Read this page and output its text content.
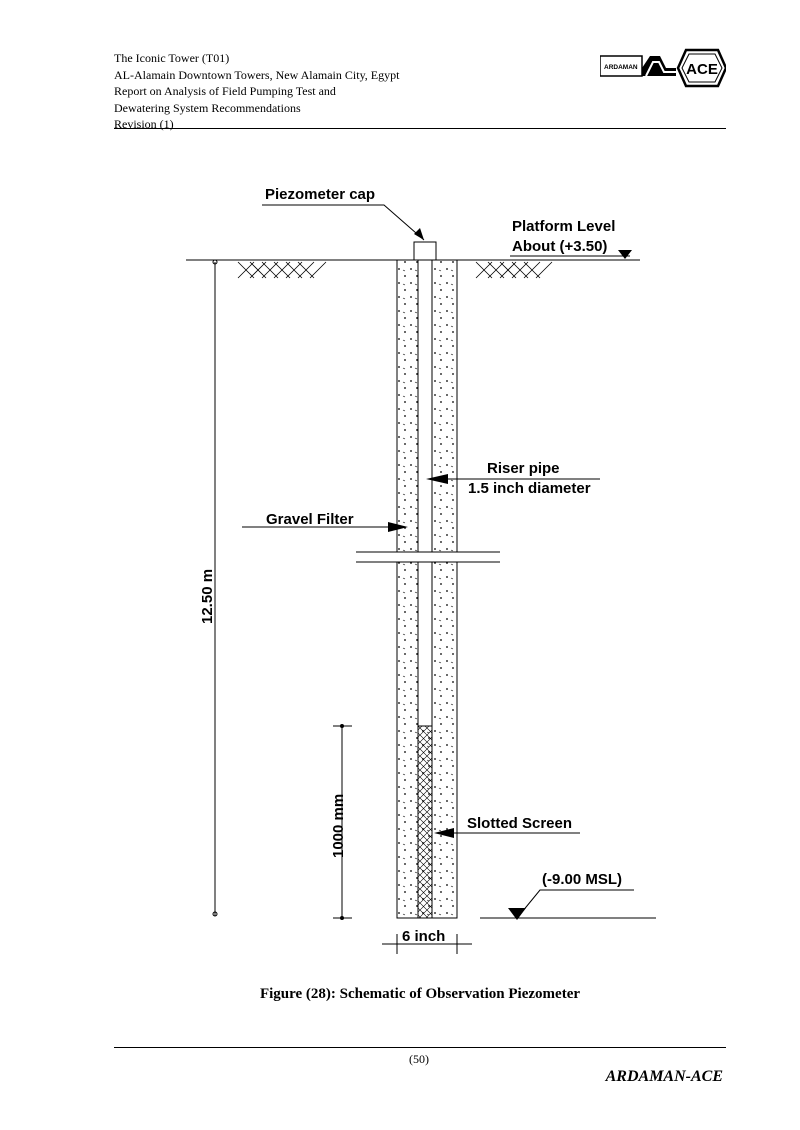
The Iconic Tower (T01)
AL-Alamain Downtown Towers, New Alamain City, Egypt
Report on Analysis of Field Pumping Test and
Dewatering System Recommendations
Revision (1)
ARDAMAN	ACE
Piezometer cap
Platform Level
About (+3.50)
12.50 m
Riser pipe
1.5 inch diameter
Gravel Filter
1000 mm	Slotted Screen
(-9.00 MSL)
6 inch
Figure (28): Schematic of Observation Piezometer
(50)
ARDAMAN-ACE
